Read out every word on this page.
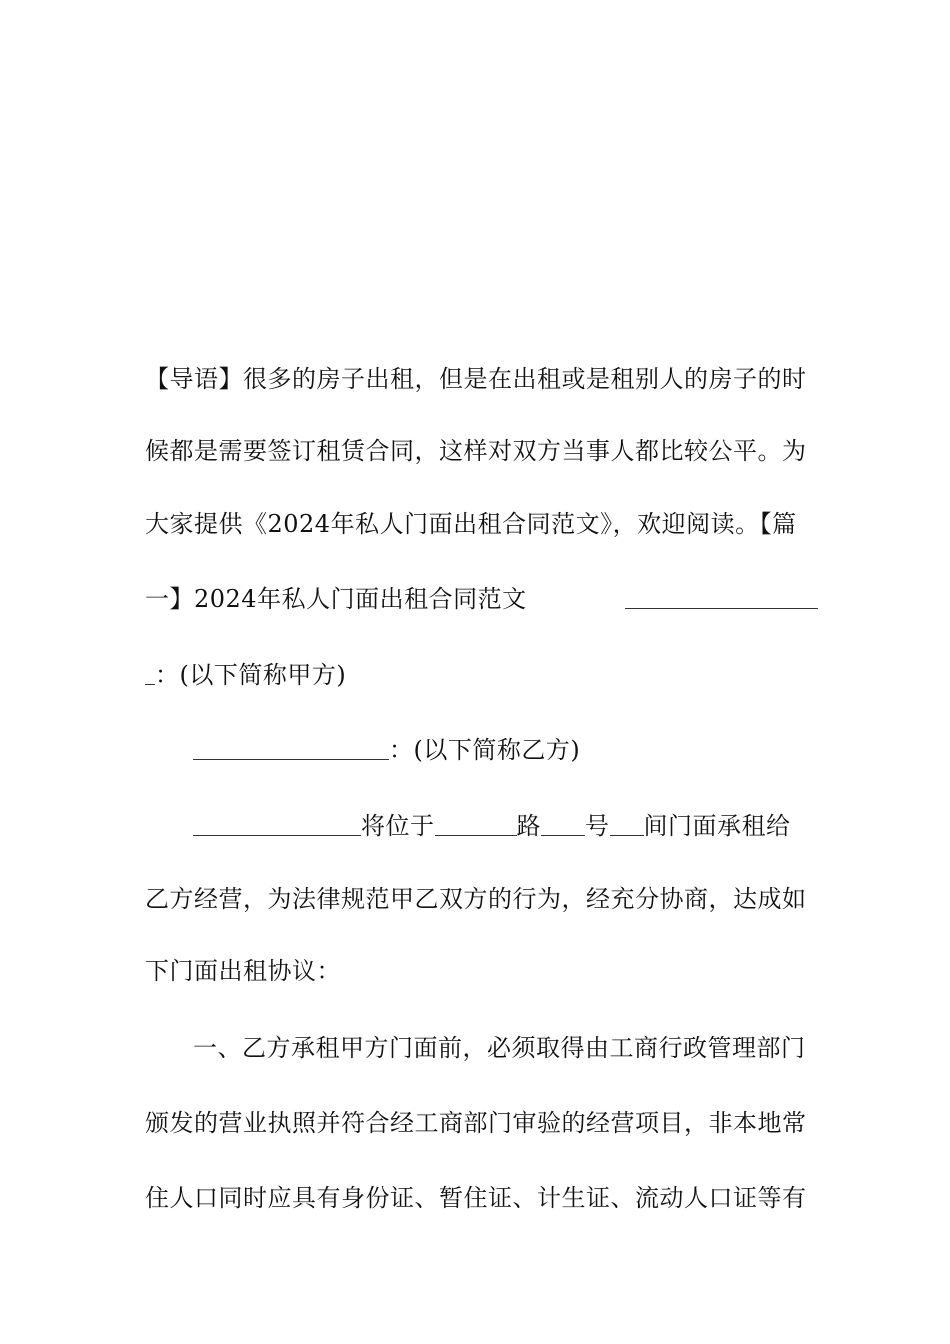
【导语】很多的房子出租，但是在出租或是租别人的房子的时
候都是需要签订租赁合同，这样对双方当事人都比较公平。为
大家提供《2024年私人门面出租合同范文》，欢迎阅读。【篇
一】2024年私人门面出租合同范文
：(以下简称甲方)
：(以下简称乙方)
将位于	路 号 间门面承租给
乙方经营，为法律规范甲乙双方的行为，经充分协商，达成如
下门面出租协议：
一、乙方承租甲方门面前，必须取得由工商行政管理部门
颁发的营业执照并符合经工商部门审验的经营项目，非本地常
住人口同时应具有身份证、暂住证、计生证、流动人口证等有
